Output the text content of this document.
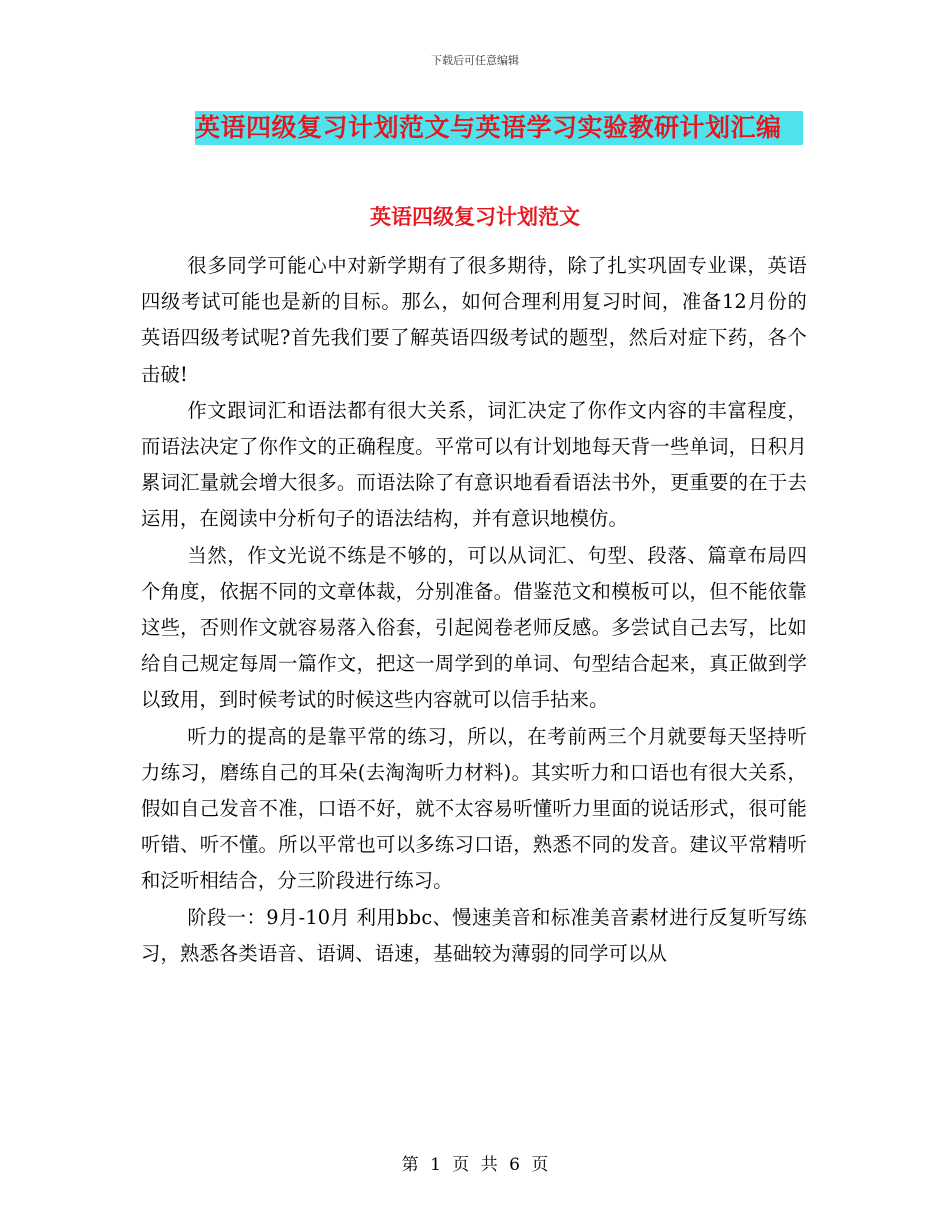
下载后可任意编辑
英语四级复习计划范文与英语学习实验教研计划汇编
英语四级复习计划范文

很多同学可能心中对新学期有了很多期待，除了扎实巩固专业课，英语四级考试可能也是新的目标。那么，如何合理利用复习时间，准备12月份的英语四级考试呢?首先我们要了解英语四级考试的题型，然后对症下药，各个击破!

作文跟词汇和语法都有很大关系，词汇决定了你作文内容的丰富程度，而语法决定了你作文的正确程度。平常可以有计划地每天背一些单词，日积月累词汇量就会增大很多。而语法除了有意识地看看语法书外，更重要的在于去运用，在阅读中分析句子的语法结构，并有意识地模仿。

当然，作文光说不练是不够的，可以从词汇、句型、段落、篇章布局四个角度，依据不同的文章体裁，分别准备。借鉴范文和模板可以，但不能依靠这些，否则作文就容易落入俗套，引起阅卷老师反感。多尝试自己去写，比如给自己规定每周一篇作文，把这一周学到的单词、句型结合起来，真正做到学以致用，到时候考试的时候这些内容就可以信手拈来。

听力的提高的是靠平常的练习，所以，在考前两三个月就要每天坚持听力练习，磨练自己的耳朵(去淘淘听力材料)。其实听力和口语也有很大关系，假如自己发音不准，口语不好，就不太容易听懂听力里面的说话形式，很可能听错、听不懂。所以平常也可以多练习口语，熟悉不同的发音。建议平常精听和泛听相结合，分三阶段进行练习。

阶段一：9月-10月 利用bbc、慢速美音和标准美音素材进行反复听写练习，熟悉各类语音、语调、语速，基础较为薄弱的同学可以从

第 1 页 共 6 页
